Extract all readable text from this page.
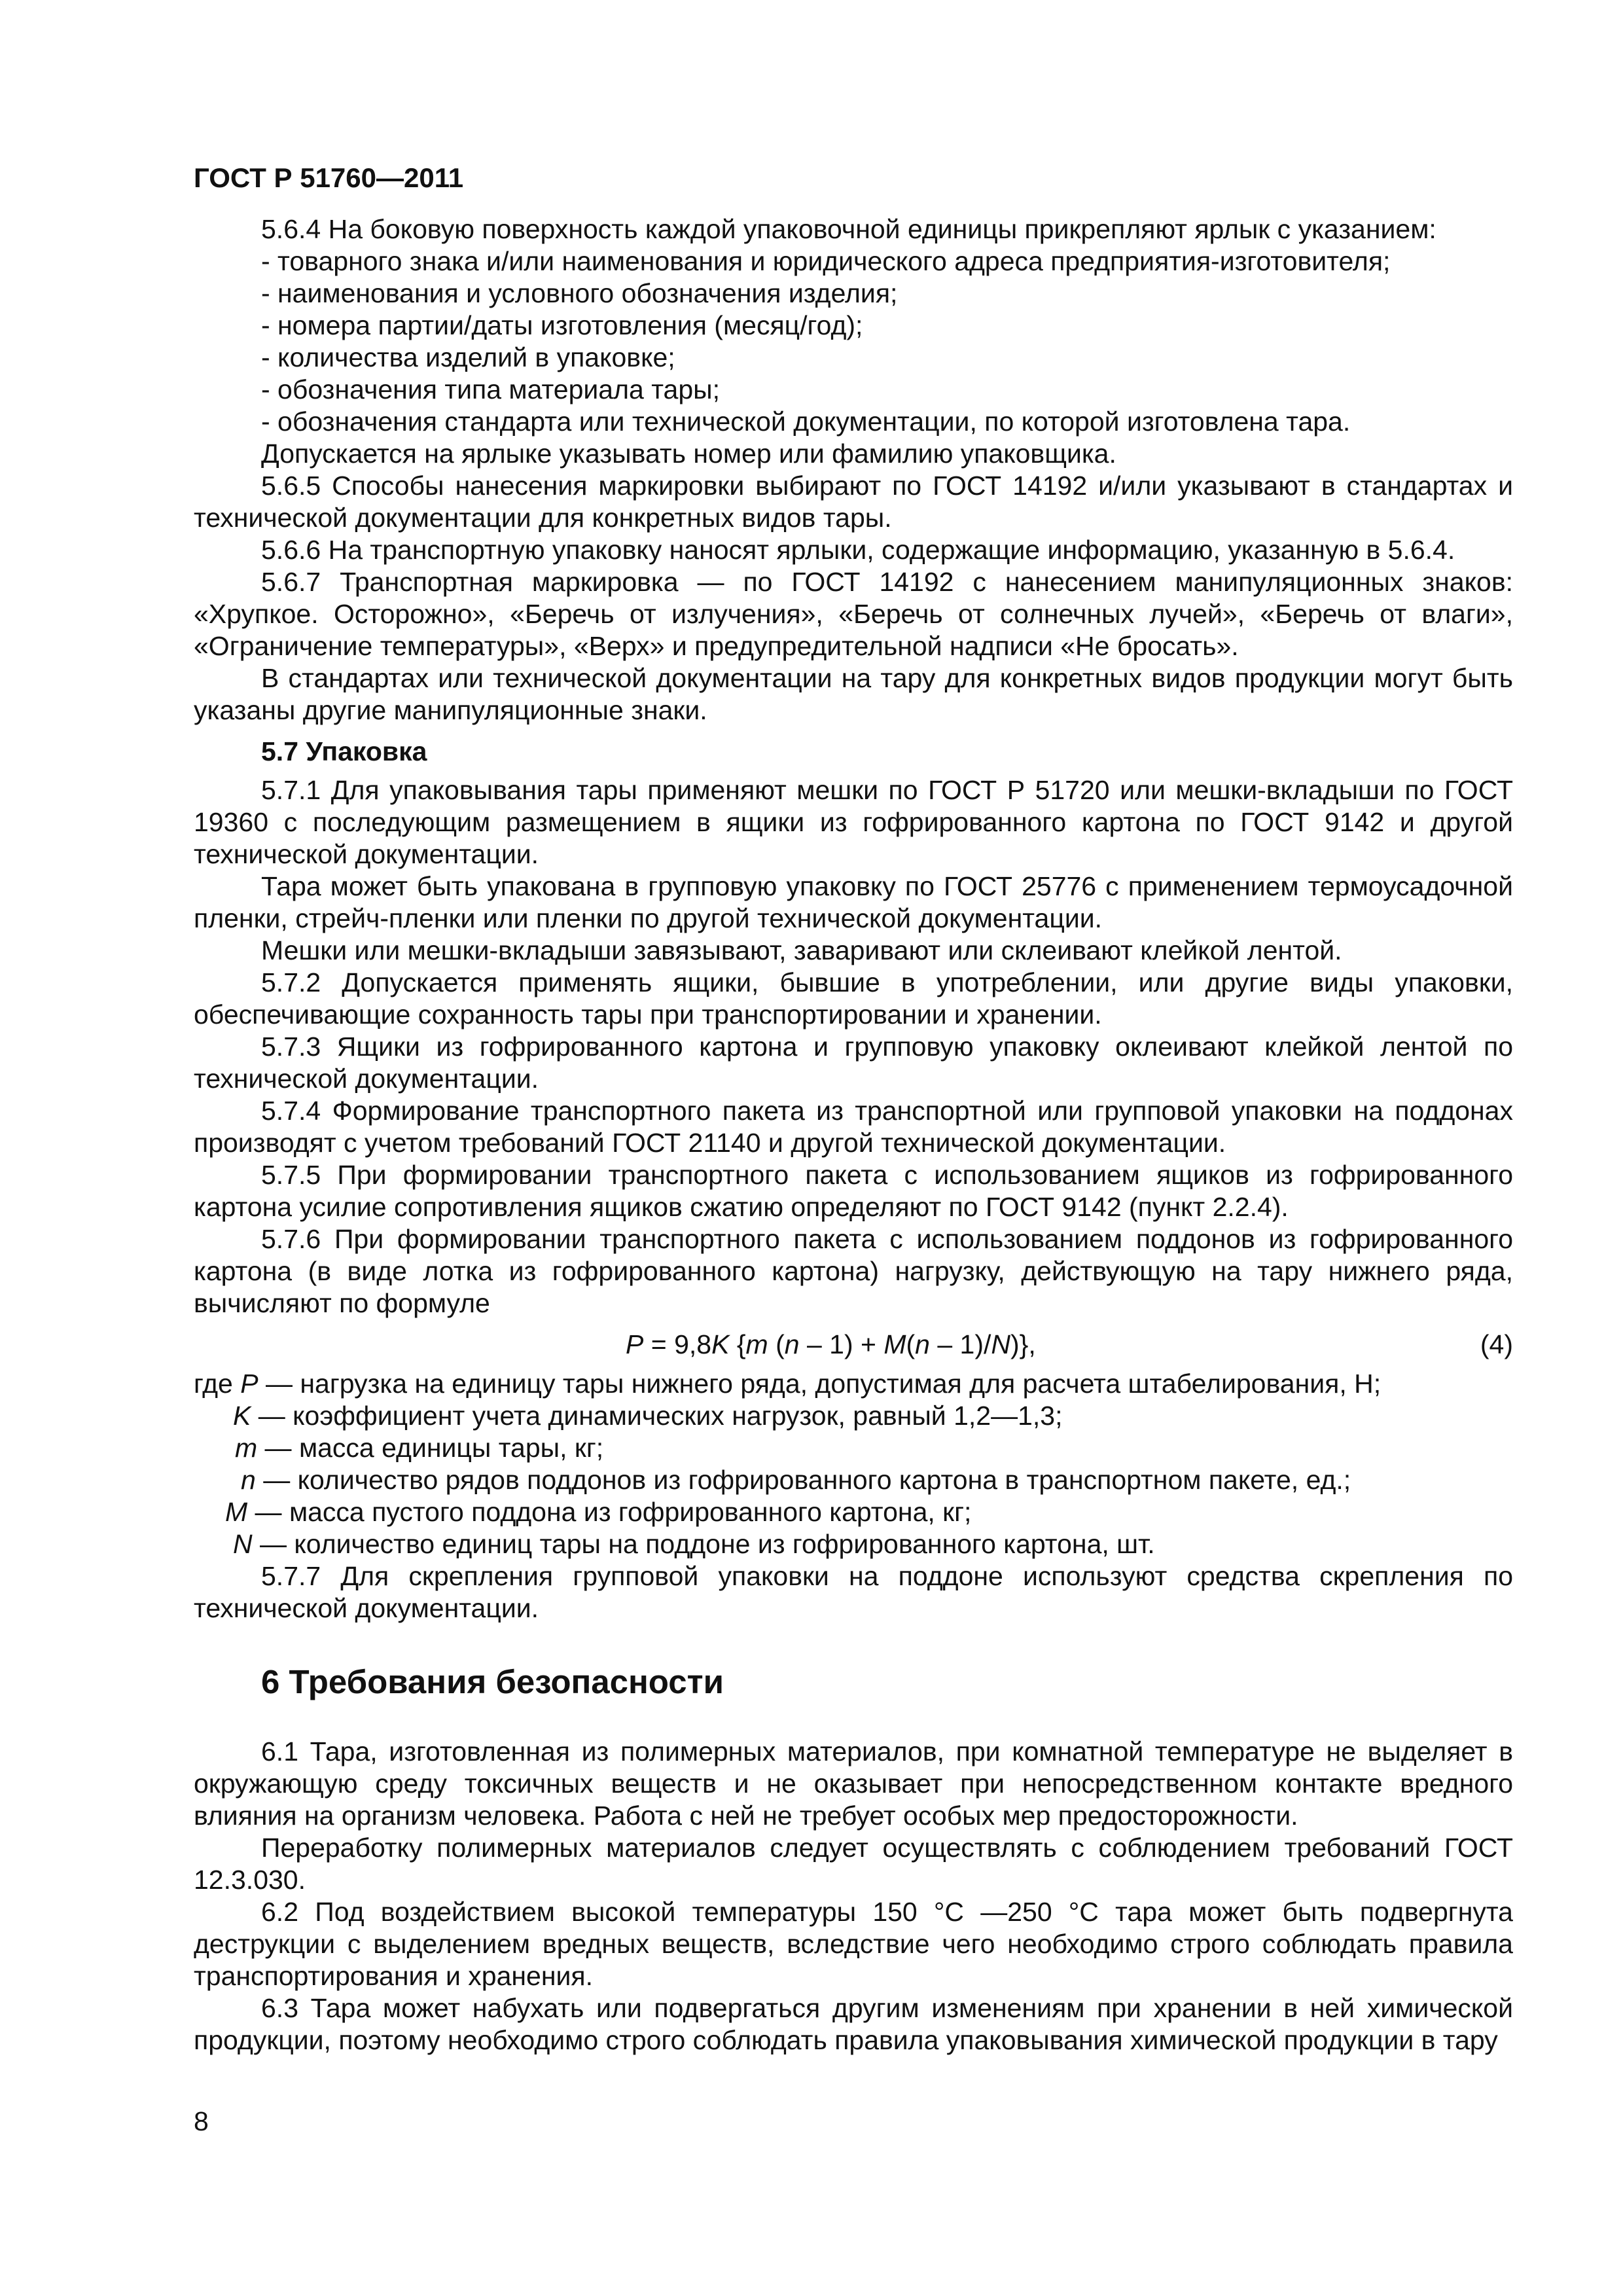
ГОСТ Р 51760—2011

5.6.4 На боковую поверхность каждой упаковочной единицы прикрепляют ярлык с указанием:

- товарного знака и/или наименования и юридического адреса предприятия-изготовителя;

- наименования и условного обозначения изделия;

- номера партии/даты изготовления (месяц/год);

- количества изделий в упаковке;

- обозначения типа материала тары;

- обозначения стандарта или технической документации, по которой изготовлена тара.

Допускается на ярлыке указывать номер или фамилию упаковщика.

5.6.5 Способы нанесения маркировки выбирают по ГОСТ 14192 и/или указывают в стандартах и технической документации для конкретных видов тары.

5.6.6 На транспортную упаковку наносят ярлыки, содержащие информацию, указанную в 5.6.4.

5.6.7 Транспортная маркировка — по ГОСТ 14192 с нанесением манипуляционных знаков: «Хрупкое. Осторожно», «Беречь от излучения», «Беречь от солнечных лучей», «Беречь от влаги», «Ограничение температуры», «Верх» и предупредительной надписи «Не бросать».

В стандартах или технической документации на тару для конкретных видов продукции могут быть указаны другие манипуляционные знаки.

5.7 Упаковка

5.7.1 Для упаковывания тары применяют мешки по ГОСТ Р 51720 или мешки-вкладыши по ГОСТ 19360 с последующим размещением в ящики из гофрированного картона по ГОСТ 9142 и другой технической документации.

Тара может быть упакована в групповую упаковку по ГОСТ 25776 с применением термоусадочной пленки, стрейч-пленки или пленки по другой технической документации.

Мешки или мешки-вкладыши завязывают, заваривают или склеивают клейкой лентой.

5.7.2 Допускается применять ящики, бывшие в употреблении, или другие виды упаковки, обеспечивающие сохранность тары при транспортировании и хранении.

5.7.3 Ящики из гофрированного картона и групповую упаковку оклеивают клейкой лентой по технической документации.

5.7.4 Формирование транспортного пакета из транспортной или групповой упаковки на поддонах производят с учетом требований ГОСТ 21140 и другой технической документации.

5.7.5 При формировании транспортного пакета с использованием ящиков из гофрированного картона усилие сопротивления ящиков сжатию определяют по ГОСТ 9142 (пункт 2.2.4).

5.7.6 При формировании транспортного пакета с использованием поддонов из гофрированного картона (в виде лотка из гофрированного картона) нагрузку, действующую на тару нижнего ряда, вычисляют по формуле

P = 9,8K {m (n – 1) + M(n – 1)/N)},	(4)

где P — нагрузка на единицу тары нижнего ряда, допустимая для расчета штабелирования, Н;

K — коэффициент учета динамических нагрузок, равный 1,2—1,3;

m — масса единицы тары, кг;

n — количество рядов поддонов из гофрированного картона в транспортном пакете, ед.;

M — масса пустого поддона из гофрированного картона, кг;

N — количество единиц тары на поддоне из гофрированного картона, шт.

5.7.7 Для скрепления групповой упаковки на поддоне используют средства скрепления по технической документации.

6 Требования безопасности

6.1 Тара, изготовленная из полимерных материалов, при комнатной температуре не выделяет в окружающую среду токсичных веществ и не оказывает при непосредственном контакте вредного влияния на организм человека. Работа с ней не требует особых мер предосторожности.

Переработку полимерных материалов следует осуществлять с соблюдением требований ГОСТ 12.3.030.

6.2 Под воздействием высокой температуры 150 °С —250 °С тара может быть подвергнута деструкции с выделением вредных веществ, вследствие чего необходимо строго соблюдать правила транспортирования и хранения.

6.3 Тара может набухать или подвергаться другим изменениям при хранении в ней химической продукции, поэтому необходимо строго соблюдать правила упаковывания химической продукции в тару

8
